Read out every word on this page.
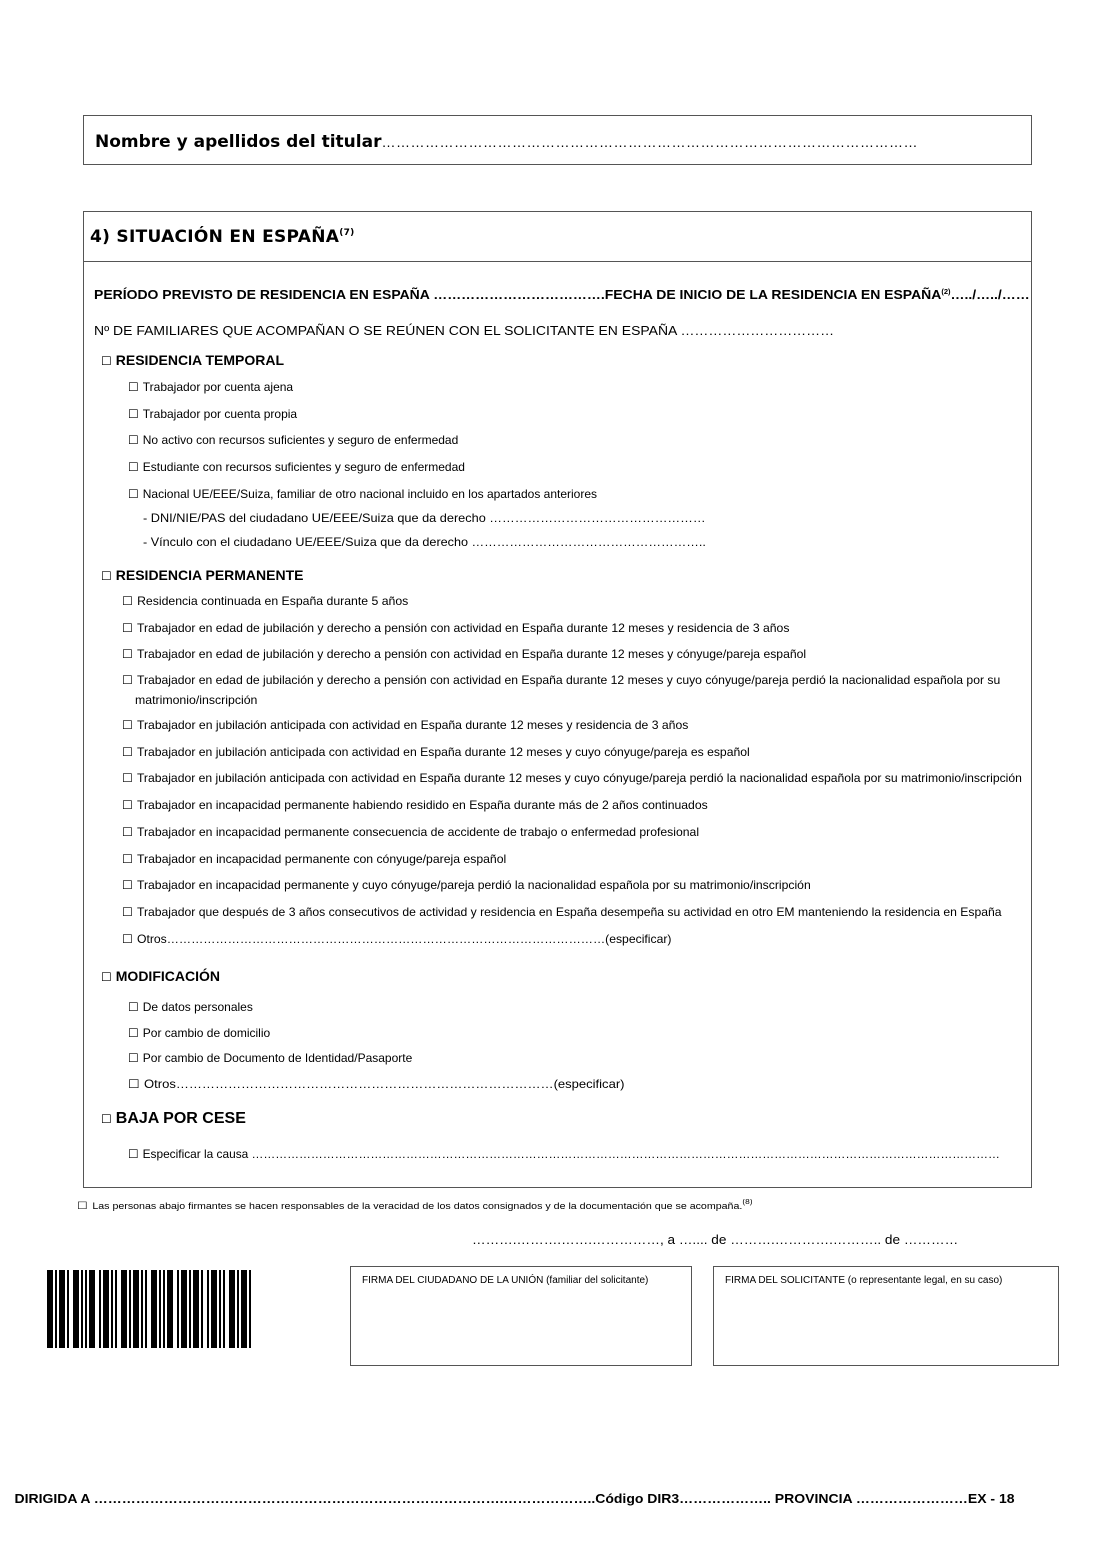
Nombre y apellidos del titular…………………………………………………………………………………………………
4) SITUACIÓN EN ESPAÑA$^{(7)}$
PERÍODO PREVISTO DE RESIDENCIA EN ESPAÑA ……………………………….FECHA DE INICIO DE LA RESIDENCIA EN ESPAÑA$^{(2)}$…../…../……
Nº DE FAMILIARES QUE ACOMPAÑAN O SE REÚNEN CON EL SOLICITANTE EN ESPAÑA ……………………………
☐ RESIDENCIA TEMPORAL
☐ Trabajador por cuenta ajena
☐ Trabajador por cuenta propia
☐ No activo con recursos suficientes y seguro de enfermedad
☐ Estudiante con recursos suficientes y seguro de enfermedad
☐ Nacional UE/EEE/Suiza, familiar de otro nacional incluido en los apartados anteriores
- DNI/NIE/PAS del ciudadano UE/EEE/Suiza que da derecho ……………………………………………
- Vínculo con el ciudadano UE/EEE/Suiza que da derecho ………………………………………………..
☐ RESIDENCIA PERMANENTE
☐ Residencia continuada en España durante 5 años
☐ Trabajador en edad de jubilación y derecho a pensión con actividad en España durante 12 meses y residencia de 3 años
☐ Trabajador en edad de jubilación y derecho a pensión con actividad en España durante 12 meses y cónyuge/pareja español
☐ Trabajador en edad de jubilación y derecho a pensión con actividad en España durante 12 meses y cuyo cónyuge/pareja perdió la nacionalidad española por su
matrimonio/inscripción
☐ Trabajador en jubilación anticipada con actividad en España durante 12 meses y residencia de 3 años
☐ Trabajador en jubilación anticipada con actividad en España durante 12 meses y cuyo cónyuge/pareja es español
☐ Trabajador en jubilación anticipada con actividad en España durante 12 meses y cuyo cónyuge/pareja perdió la nacionalidad española por su matrimonio/inscripción
☐ Trabajador en incapacidad permanente habiendo residido en España durante más de 2 años continuados
☐ Trabajador en incapacidad permanente consecuencia de accidente de trabajo o enfermedad profesional
☐ Trabajador en incapacidad permanente con cónyuge/pareja español
☐ Trabajador en incapacidad permanente y cuyo cónyuge/pareja perdió la nacionalidad española por su matrimonio/inscripción
☐ Trabajador que después de 3 años consecutivos de actividad y residencia en España desempeña su actividad en otro EM manteniendo la residencia en España
☐ Otros………………………………………………………………………………………………(especificar)
☐ MODIFICACIÓN
☐ De datos personales
☐ Por cambio de domicilio
☐ Por cambio de Documento de Identidad/Pasaporte
☐ Otros……………………………………………………………………………(especificar)
☐ BAJA POR CESE
☐ Especificar la causa ………………………………………………………………………………………………………………………………………………………………………
☐ Las personas abajo firmantes se hacen responsables de la veracidad de los datos consignados y de la documentación que se acompaña.$^{(8)}$
……….……….…….……………, a ….... de ……….………….……….. de …………
FIRMA DEL CIUDADANO DE LA UNIÓN (familiar del solicitante)	FIRMA DEL SOLICITANTE (o representante legal, en su caso)
DIRIGIDA A …………………………………………………………………………….………………..Código DIR3……………….. PROVINCIA ……………………EX - 18
